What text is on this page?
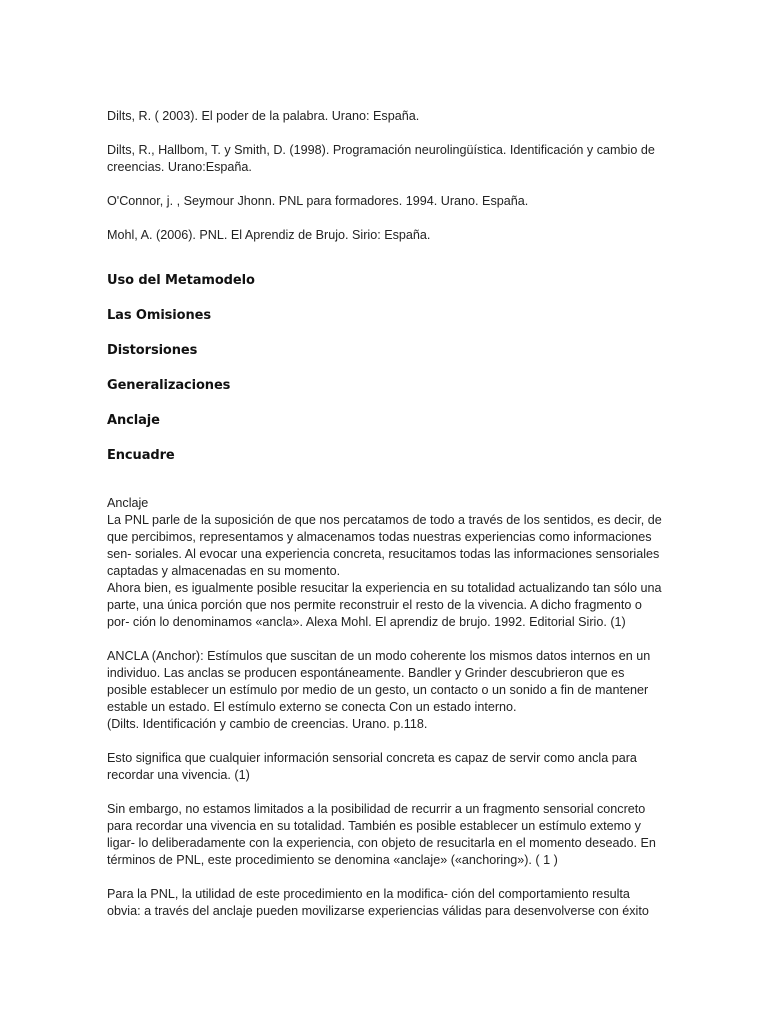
Dilts, R. ( 2003). El poder de la palabra. Urano: España.

Dilts, R., Hallbom, T. y Smith, D. (1998). Programación neurolingüística. Identificación y cambio de
creencias. Urano:España.

O'Connor, j. , Seymour Jhonn. PNL para formadores. 1994. Urano. España.

Mohl, A. (2006). PNL. El Aprendiz de Brujo. Sirio: España.

Uso del Metamodelo
Las Omisiones
Distorsiones
Generalizaciones
Anclaje
Encuadre

Anclaje
La PNL parle de la suposición de que nos percatamos de todo a través de los sentidos, es decir, de
que percibimos, representamos y almacenamos todas nuestras experiencias como informaciones
sen- soriales. Al evocar una experiencia concreta, resucitamos todas las informaciones sensoriales
captadas y almacenadas en su momento.
Ahora bien, es igualmente posible resucitar la experiencia en su totalidad actualizando tan sólo una
parte, una única porción que nos permite reconstruir el resto de la vivencia. A dicho fragmento o
por- ción lo denominamos «ancla». Alexa Mohl. El aprendiz de brujo. 1992. Editorial Sirio. (1)

ANCLA (Anchor): Estímulos que suscitan de un modo coherente los mismos datos internos en un
individuo. Las anclas se producen espontáneamente. Bandler y Grinder descubrieron que es
posible establecer un estímulo por medio de un gesto, un contacto o un sonido a fin de mantener
estable un estado. El estímulo externo se conecta Con un estado interno.
(Dilts. Identificación y cambio de creencias. Urano. p.118.

Esto significa que cualquier información sensorial concreta es capaz de servir como ancla para
recordar una vivencia. (1)

Sin embargo, no estamos limitados a la posibilidad de recurrir a un fragmento sensorial concreto
para recordar una vivencia en su totalidad. También es posible establecer un estímulo extemo y
ligar- lo deliberadamente con la experiencia, con objeto de resucitarla en el momento deseado. En
términos de PNL, este procedimiento se denomina «anclaje» («anchoring»). ( 1 )

Para la PNL, la utilidad de este procedimiento en la modifica- ción del comportamiento resulta
obvia: a través del anclaje pueden movilizarse experiencias válidas para desenvolverse con éxito
